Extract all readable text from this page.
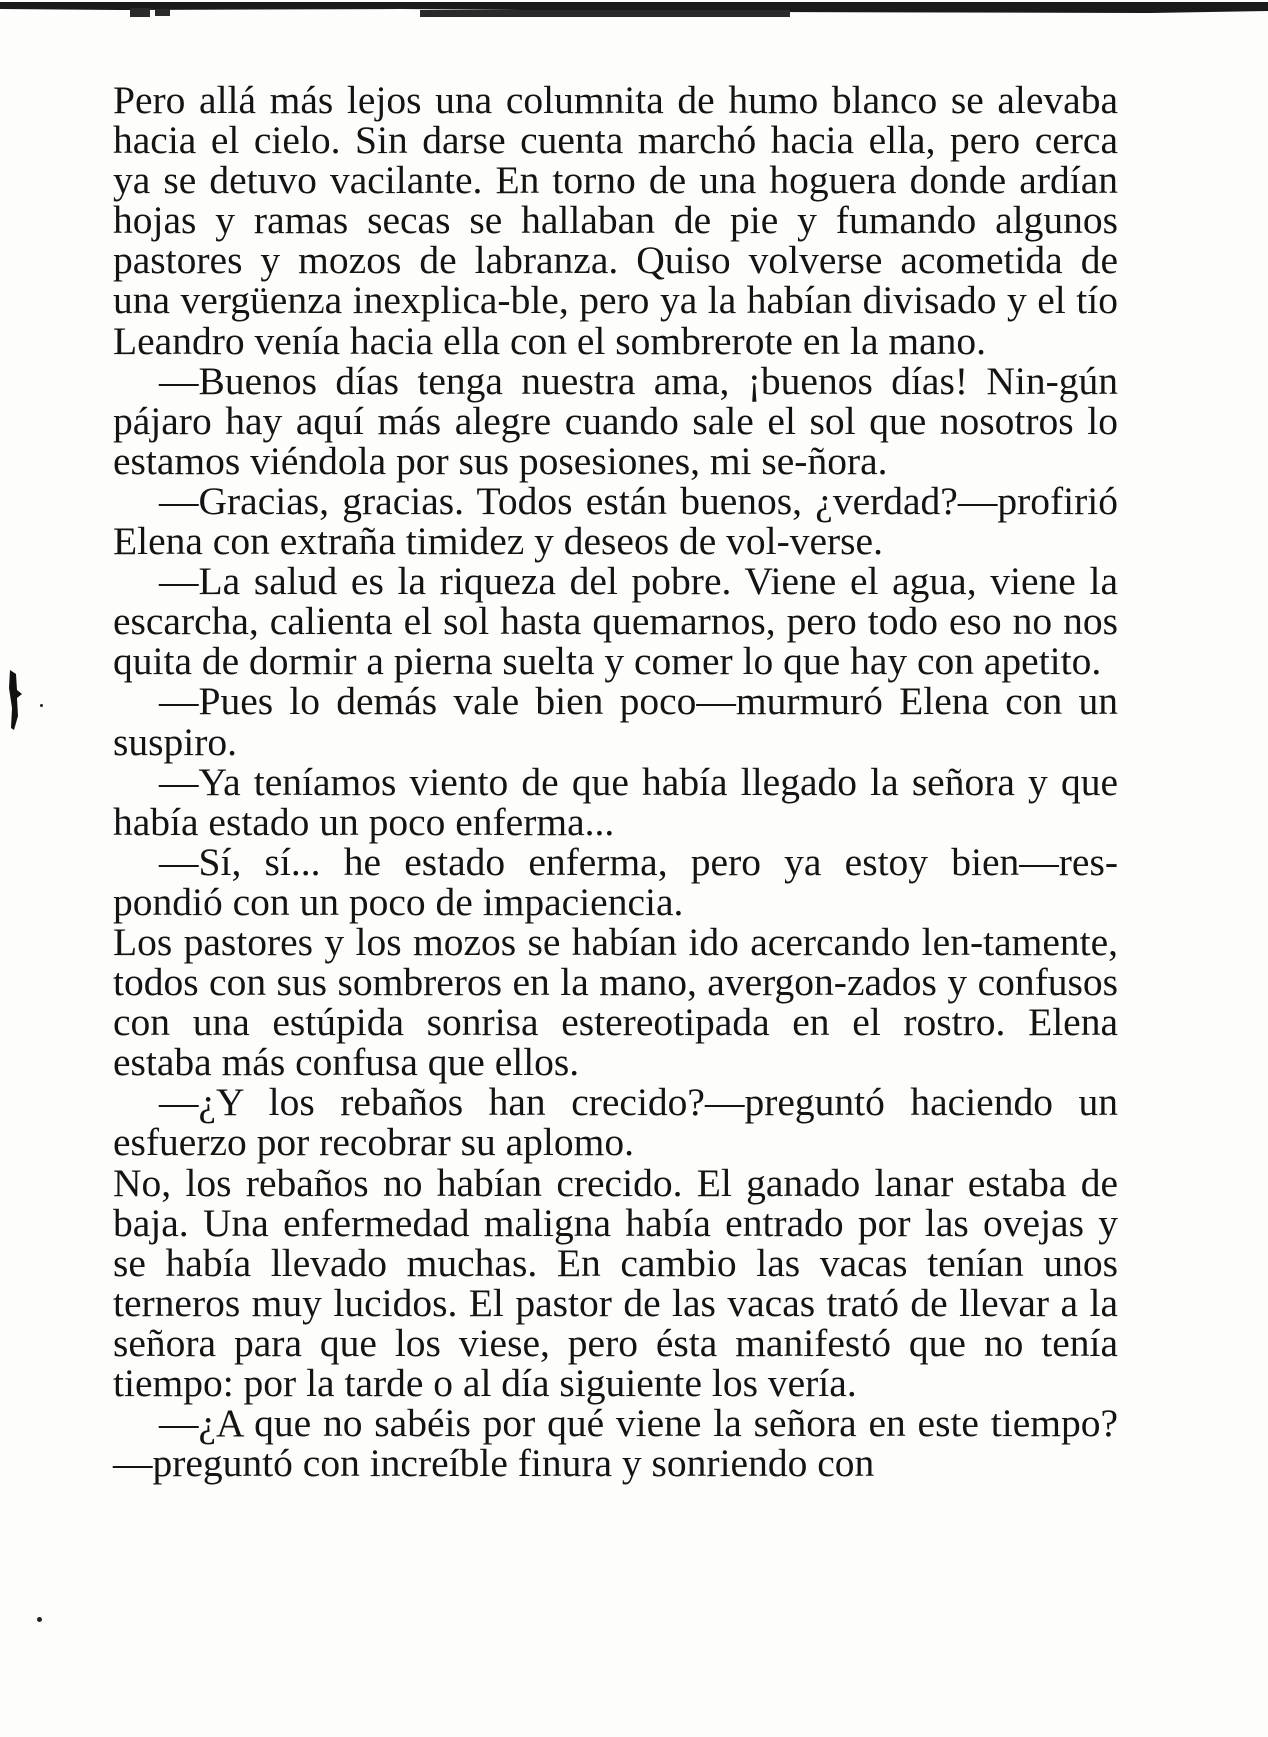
Pero allá más lejos una columnita de humo blanco se alevaba hacia el cielo. Sin darse cuenta marchó hacia ella, pero cerca ya se detuvo vacilante. En torno de una hoguera donde ardían hojas y ramas secas se hallaban de pie y fumando algunos pastores y mozos de labranza. Quiso volverse acometida de una vergüenza inexplica-ble, pero ya la habían divisado y el tío Leandro venía hacia ella con el sombrerote en la mano.

—Buenos días tenga nuestra ama, ¡buenos días! Nin-gún pájaro hay aquí más alegre cuando sale el sol que nosotros lo estamos viéndola por sus posesiones, mi se-ñora.

—Gracias, gracias. Todos están buenos, ¿verdad?—profirió Elena con extraña timidez y deseos de vol-verse.

—La salud es la riqueza del pobre. Viene el agua, viene la escarcha, calienta el sol hasta quemarnos, pero todo eso no nos quita de dormir a pierna suelta y comer lo que hay con apetito.

—Pues lo demás vale bien poco—murmuró Elena con un suspiro.

—Ya teníamos viento de que había llegado la señora y que había estado un poco enferma...

—Sí, sí... he estado enferma, pero ya estoy bien—res-pondió con un poco de impaciencia.

Los pastores y los mozos se habían ido acercando len-tamente, todos con sus sombreros en la mano, avergon-zados y confusos con una estúpida sonrisa estereotipada en el rostro. Elena estaba más confusa que ellos.

—¿Y los rebaños han crecido?—preguntó haciendo un esfuerzo por recobrar su aplomo.

No, los rebaños no habían crecido. El ganado lanar estaba de baja. Una enfermedad maligna había entrado por las ovejas y se había llevado muchas. En cambio las vacas tenían unos terneros muy lucidos. El pastor de las vacas trató de llevar a la señora para que los viese, pero ésta manifestó que no tenía tiempo: por la tarde o al día siguiente los vería.

—¿A que no sabéis por qué viene la señora en este tiempo?—preguntó con increíble finura y sonriendo con
